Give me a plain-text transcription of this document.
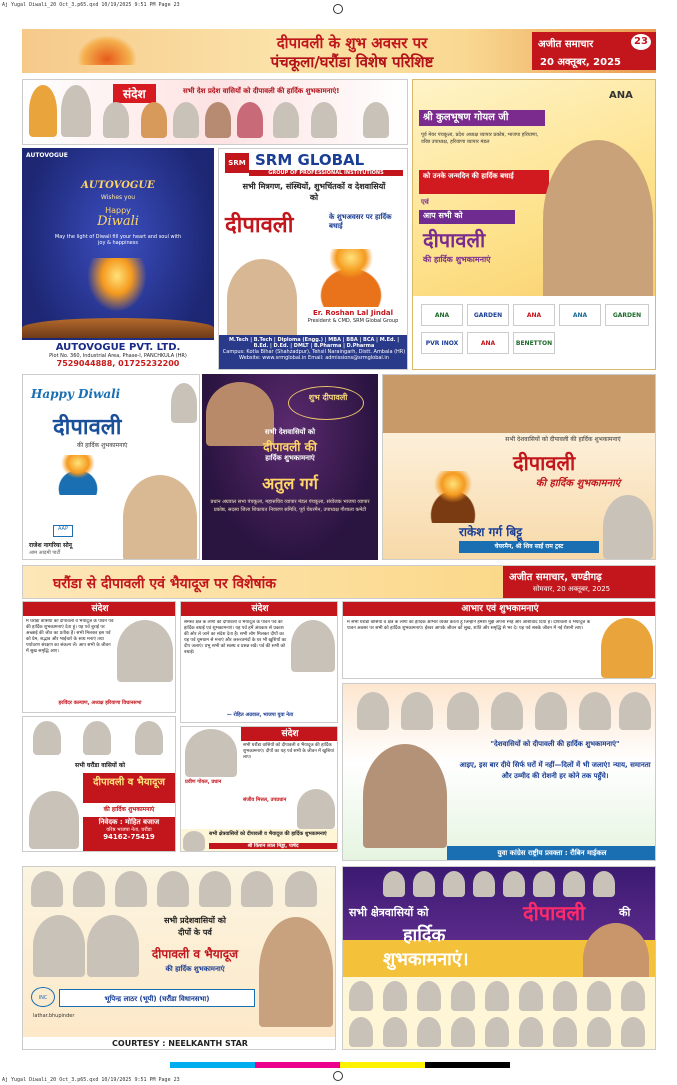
Aj Yugal Diwali_20 Oct_3.p65.qxd 10/19/2025 9:51 PM Page 23
दीपावली के शुभ अवसर पर
पंचकूला/घरौंडा विशेष परिशिष्ट
अजीत समाचार	23
20 अक्तूबर, 2025
संदेश	सभी देश प्रदेश वासियों को दीपावली की हार्दिक शुभकामनाएं!
AUTOVOGUE
AUTOVOGUE
Wishes you
Happy
Diwali
May the light of Diwali fill your heart and soul with joy & happiness
AUTOVOGUE PVT. LTD.
Plot No. 360, Industrial Area, Phase-I, PANCHKULA (HR)
7529044888, 01725232200
SRM SRM GLOBAL
GROUP OF PROFESSIONAL INSTITUTIONS
सभी मित्रगण, संस्थियों, शुभचिंतकों व देशवासियों को
दीपावली	के शुभअवसर पर हार्दिक बधाई
Er. Roshan Lal Jindal
President & CMD, SRM Global Group
M.Tech | B.Tech | Diploma (Engg.) | MBA | BBA | BCA | M.Ed. | B.Ed. | D.Ed. | DMLT | B.Pharma | D.Pharma
Campus: Kotla Bihar (Shahzadpur), Tehsil Naraingarh, Distt. Ambala (HR)
Website: www.srmglobal.in Email: admissions@srmglobal.in
ANA
श्री कुलभूषण गोयल जी
पूर्व मेयर पंचकूला, प्रदेश अध्यक्ष व्यापार प्रकोष्ठ, भाजपा हरियाणा, वरिष्ठ उपाध्यक्ष, हरियाणा व्यापार मंडल
को उनके जन्मदिन की हार्दिक बधाई
एवं
आप सभी को
दीपावली
की हार्दिक शुभकामनाएं
ANA	GARDEN	ANA	ANA	GARDEN
PVR INOX	ANA	BENETTON
Happy Diwali
दीपावली
की हार्दिक शुभकामनाएं
AAP
राजेश नागरिया सोनू
आम आदमी पार्टी
शुभ दीपावली
सभी देशवासियों को
दीपावली की
हार्दिक शुभकामनाएं
अतुल गर्ग
प्रधान अग्रवाल सभा पंचकूला, महासचिव व्यापार मंडल पंचकूला, संयोजक भाजपा व्यापार प्रकोष्ठ, सदस्य जिला शिकायत निवारण समिति, पूर्व चेयरमैन, उपाध्यक्ष गौशाला कमेटी
सभी देशवासियों को दीपावली की हार्दिक शुभकामनाएं
दीपावली
की हार्दिक शुभकामनाएं
राकेश गर्ग बिट्टू
चेयरमैन, श्री शिव साईं राम ट्रस्ट
घरौंडा से दीपावली एवं भैयादूज पर विशेषांक	अजीत समाचार, चण्डीगढ़
सोमवार, 20 अक्तूबर, 2025
संदेश
मैं घरौंडा वासियों को दीपावली व भैयादूज के पावन पर्व की हार्दिक शुभकामनाएं देता हूं। यह पर्व बुराई पर अच्छाई की जीत का प्रतीक है। सभी मिलकर इस पर्व को प्रेम, सद्भाव और भाईचारे के साथ मनाएं तथा पर्यावरण संरक्षण का संकल्प लें। आप सभी के जीवन में सुख समृद्धि आए।
हरविंदर कल्याण, अध्यक्ष हरियाणा विधानसभा
संदेश
समस्त क्षेत्र के लोगों को दीपावली व भैयादूज के पावन पर्व की हार्दिक बधाई एवं शुभकामनाएं। यह पर्व हमें अंधकार से प्रकाश की ओर ले जाने का संदेश देता है। सभी लोग मिलकर दीपों का यह पर्व धूमधाम से मनाएं और जरूरतमंदों के घर भी खुशियों का दीप जलाएं। प्रभु सभी को स्वस्थ व प्रसन्न रखें। पर्व की सभी को बधाई।
— रोहित अग्रवाल, भाजपा युवा नेता
आभार एवं शुभकामनाएं
मैं सभी घरौंडा वासियों व क्षेत्र के लोगों का हार्दिक आभार व्यक्त करता हूं जिन्होंने हमेशा मुझे अपना स्नेह और आशीर्वाद दिया है। दीपावली व भैयादूज के पावन अवसर पर सभी को हार्दिक शुभकामनाएं। ईश्वर आपके जीवन को सुख, शांति और समृद्धि से भर दे। यह पर्व सबके जीवन में नई रोशनी लाए।
सभी घरौंडा वासियों को
दीपावली व भैयादूज
की हार्दिक शुभकामनाएं
निवेदक : मोहित बजाज
वरिष्ठ भाजपा नेता, घरौंडा
94162-75419
संदेश
सभी घरौंडा वासियों को दीपावली व भैयादूज की हार्दिक शुभकामनाएं। दीपों का यह पर्व सभी के जीवन में खुशियां लाए।
प्रवीण गोयल, प्रधान
संजीव मित्तल, उपप्रधान
सभी क्षेत्रवासियों को दीपावली व भैयादूज की हार्दिक शुभकामनाएं
श्री किशन लाल मिड्ढा, पार्षद
"देशवासियों को दीपावली की हार्दिक शुभकामनाएं"
आइए, इस बार दीये सिर्फ घरों में नहीं—दिलों में भी जलाएं! न्याय, समानता और उम्मीद की रोशनी हर कोने तक पहुँचे।
युवा कांग्रेस राष्ट्रीय प्रवक्ता : रौबिन माईकल
सभी प्रदेशवासियों को
दीपों के पर्व
दीपावली व भैयादूज
की हार्दिक शुभकामनाएं
INC	भूपिन्द्र लाठर (भूपी) (घरौंडा विधानसभा)
lathar.bhupinder
COURTESY : NEELKANTH STAR
सभी क्षेत्रवासियों को	दीपावली	की
हार्दिक
शुभकामनाएं।
Aj Yugal Diwali_20 Oct_3.p65.qxd 10/19/2025 9:51 PM Page 23
